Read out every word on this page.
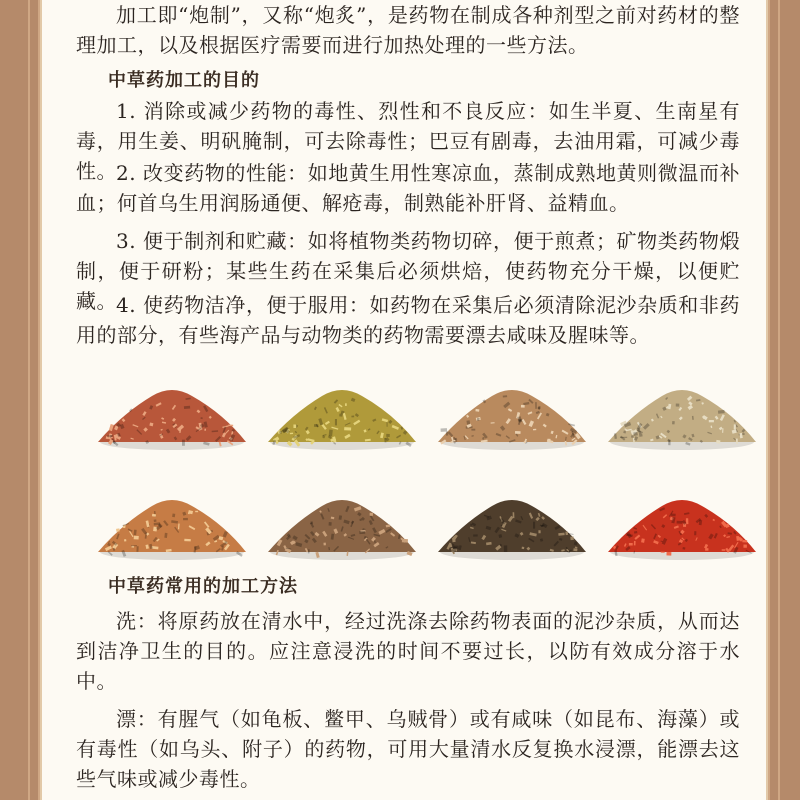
加工即“炮制”，又称“炮炙”，是药物在制成各种剂型之前对药材的整理加工，以及根据医疗需要而进行加热处理的一些方法。

中草药加工的目的

1. 消除或减少药物的毒性、烈性和不良反应：如生半夏、生南星有毒，用生姜、明矾腌制，可去除毒性；巴豆有剧毒，去油用霜，可减少毒性。 2. 改变药物的性能：如地黄生用性寒凉血，蒸制成熟地黄则微温而补血；何首乌生用润肠通便、解疮毒，制熟能补肝肾、益精血。

3. 便于制剂和贮藏：如将植物类药物切碎，便于煎煮；矿物类药物煅制，便于研粉；某些生药在采集后必须烘焙，使药物充分干燥，以便贮藏。 4. 使药物洁净，便于服用：如药物在采集后必须清除泥沙杂质和非药用的部分，有些海产品与动物类的药物需要漂去咸味及腥味等。

中草药常用的加工方法

洗：将原药放在清水中，经过洗涤去除药物表面的泥沙杂质，从而达到洁净卫生的目的。应注意浸洗的时间不要过长，以防有效成分溶于水中。

漂：有腥气（如龟板、鳖甲、乌贼骨）或有咸味（如昆布、海藻）或有毒性（如乌头、附子）的药物，可用大量清水反复换水浸漂，能漂去这些气味或减少毒性。
